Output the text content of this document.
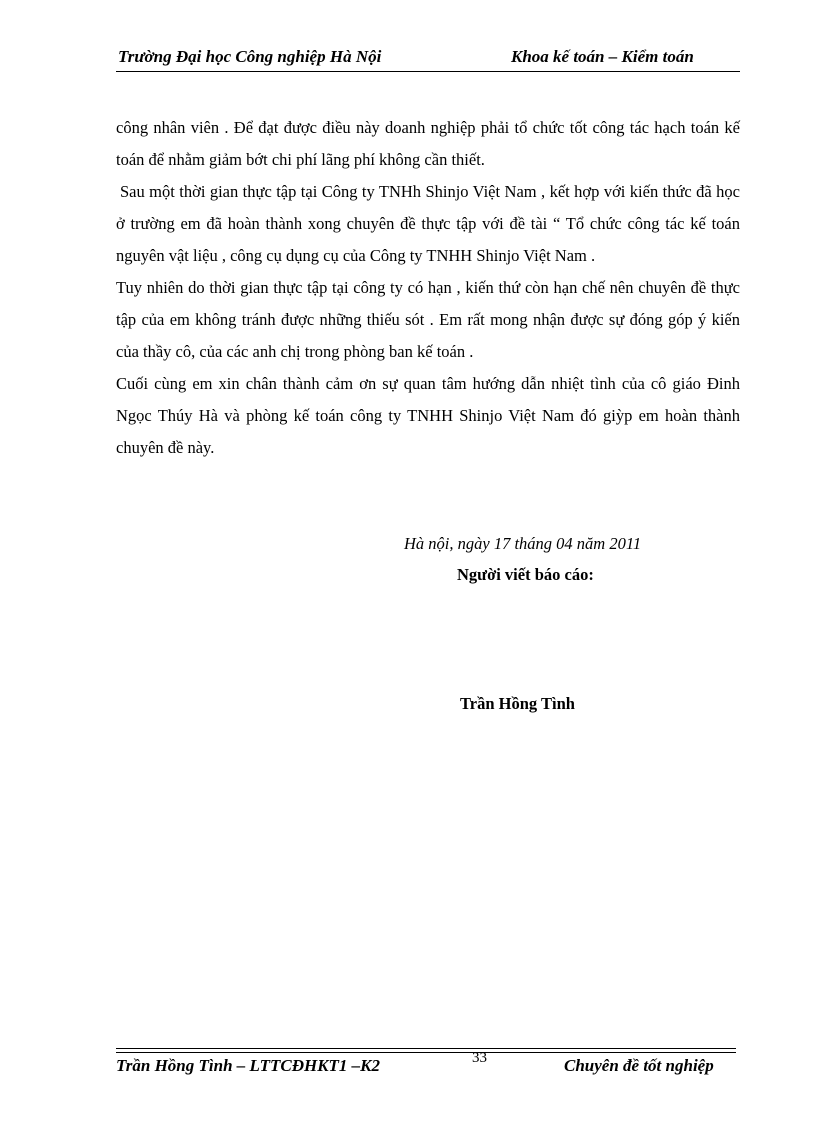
Trường Đại học Công nghiệp Hà Nội	Khoa kế toán – Kiểm toán

công nhân viên . Để đạt được điều này doanh nghiệp phải tổ chức tốt công tác hạch toán kế toán để nhằm giảm bớt chi phí lãng phí không cần thiết.

Sau một thời gian thực tập tại Công ty TNHh Shinjo Việt Nam , kết hợp với kiến thức đã học ở trường em đã hoàn thành xong chuyên đề thực tập với đề tài “ Tổ chức công tác kế toán nguyên vật liệu , công cụ dụng cụ của Công ty TNHH Shinjo Việt Nam .

Tuy nhiên do thời gian thực tập tại công ty có hạn , kiến thứ còn hạn chế nên chuyên đề thực tập của em không tránh được những thiếu sót . Em rất mong nhận được sự đóng góp ý kiến của thầy cô, của các anh chị trong phòng ban kế toán .

Cuối cùng em xin chân thành cảm ơn sự quan tâm hướng dẫn nhiệt tình của cô giáo Đinh Ngọc Thúy Hà và phòng kế toán công ty TNHH Shinjo Việt Nam đó giỳp em hoàn thành chuyên đề này.

Hà nội, ngày 17 tháng 04 năm 2011
Người viết báo cáo:
Trần Hồng Tình
Trần Hồng Tình – LTTCĐHKT1 –K2	33	Chuyên đề tốt nghiệp
